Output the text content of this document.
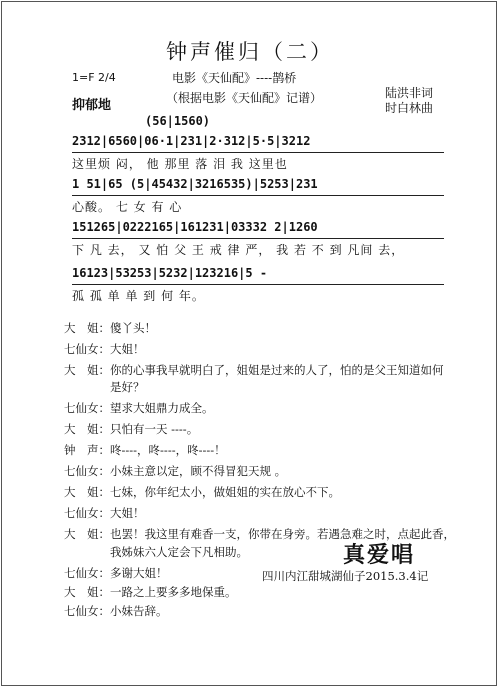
钟声催归（二）
1=F 2/4
抑郁地
电影《天仙配》----鹊桥
（根据电影《天仙配》记谱）	陆洪非词
时白林曲
(56|1560)
2312|6560|06·1|231|2·312|5·5|3212
这里烦 闷， 他 那里 落 泪 我 这里也
1 51|65 (5|45432|3216535)|5253|231
心酸。 七 女 有 心
151265|0222165|161231|03332 2|1260
下 凡 去， 又 怕 父 王 戒 律 严， 我 若 不 到 凡间 去，
16123|53253|5232|123216|5 -
孤 孤 单 单 到 何 年。
大　姐：傻丫头！
七仙女：大姐！
大　姐：你的心事我早就明白了，姐姐是过来的人了，怕的是父王知道如何
是好？
七仙女：望求大姐鼎力成全。
大　姐：只怕有一天 ----。
钟　声：咚----，咚----，咚----！
七仙女：小妹主意以定，顾不得冒犯天规 。
大　姐：七妹，你年纪太小，做姐姐的实在放心不下。
七仙女：大姐！
大　姐：也罢！我这里有难香一支，你带在身旁。若遇急难之时，点起此香，
我姊妹六人定会下凡相助。
七仙女：多谢大姐！
大　姐：一路之上要多多地保重。
七仙女：小妹告辞。
真爱唱
四川内江甜城湖仙子2015.3.4记
